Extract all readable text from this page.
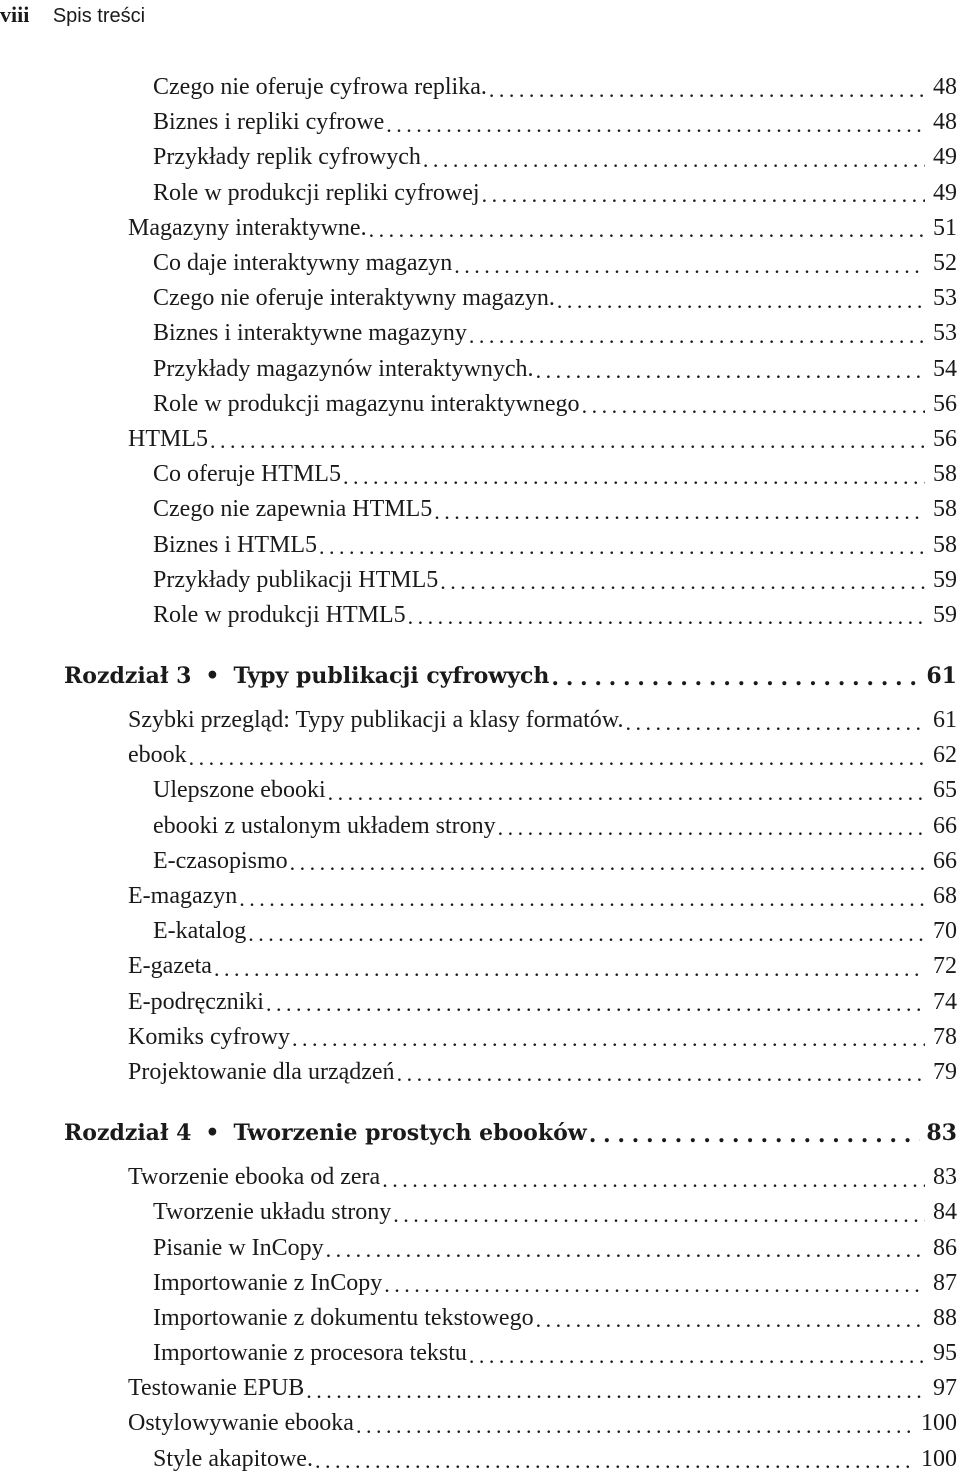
viii Spis treści
Czego nie oferuje cyfrowa replika. . . .	48
Biznes i repliki cyfrowe . . .	48
Przykłady replik cyfrowych . . .	49
Role w produkcji repliki cyfrowej . . .	49
Magazyny interaktywne. . . .	51
Co daje interaktywny magazyn . . .	52
Czego nie oferuje interaktywny magazyn. . . .	53
Biznes i interaktywne magazyny . . .	53
Przykłady magazynów interaktywnych. . . .	54
Role w produkcji magazynu interaktywnego . . .	56
HTML5 . . .	56
Co oferuje HTML5 . . .	58
Czego nie zapewnia HTML5 . . .	58
Biznes i HTML5 . . .	58
Przykłady publikacji HTML5 . . .	59
Role w produkcji HTML5 . . .	59
Rozdział 3 • Typy publikacji cyfrowych . . .	61
Szybki przegląd: Typy publikacji a klasy formatów. . . .	61
ebook . . .	62
Ulepszone ebooki . . .	65
ebooki z ustalonym układem strony . . .	66
E-czasopismo . . .	66
E-magazyn . . .	68
E-katalog . . .	70
E-gazeta . . .	72
E-podręczniki . . .	74
Komiks cyfrowy . . .	78
Projektowanie dla urządzeń . . .	79
Rozdział 4 • Tworzenie prostych ebooków . . .	83
Tworzenie ebooka od zera . . .	83
Tworzenie układu strony . . .	84
Pisanie w InCopy . . .	86
Importowanie z InCopy . . .	87
Importowanie z dokumentu tekstowego . . .	88
Importowanie z procesora tekstu . . .	95
Testowanie EPUB . . .	97
Ostylowywanie ebooka . . .	100
Style akapitowe. . . .	100
